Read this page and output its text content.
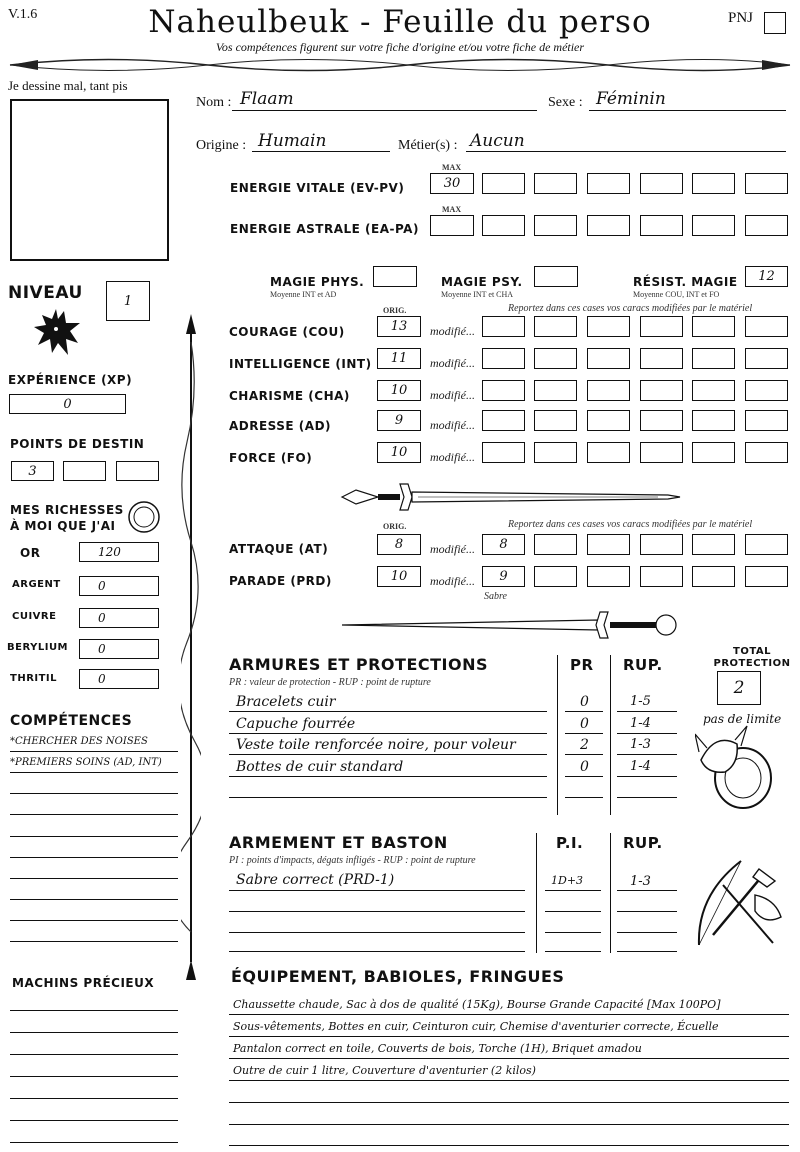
V.1.6	Naheulbeuk - Feuille du perso
Vos compétences figurent sur votre fiche d'origine et/ou votre fiche de métier
PNJ
Je dessine mal, tant pis
Nom : Flaam	Sexe : Féminin
Origine : Humain	Métier(s) : Aucun
MAX
ENERGIE VITALE (EV-PV)	30
MAX
ENERGIE ASTRALE (EA-PA)
MAGIE PHYS.
Moyenne INT et AD
MAGIE PSY.
Moyenne INT et CHA
RÉSIST. MAGIE
Moyenne COU, INT et FO
12
NIVEAU	1
EXPÉRIENCE (XP)
0
POINTS DE DESTIN
3
MES RICHESSES
À MOI QUE J'AI
OR	120
ARGENT	0
CUIVRE	0
BERYLIUM	0
THRITIL	0
COMPÉTENCES
*CHERCHER DES NOISES
*PREMIERS SOINS (AD, INT)
MACHINS PRÉCIEUX
ORIG.	Reportez dans ces cases vos caracs modifiées par le matériel
COURAGE (COU)	13	modifié...
INTELLIGENCE (INT)	11	modifié...
CHARISME (CHA)	10	modifié...
ADRESSE (AD)	9	modifié...
FORCE (FO)	10	modifié...
ORIG.	Reportez dans ces cases vos caracs modifiées par le matériel
ATTAQUE (AT)	8	modifié...	8
PARADE (PRD)	10	modifié...	9
Sabre
ARMURES ET PROTECTIONS	PR RUP.
PR : valeur de protection - RUP : point de rupture
Bracelets cuir	0	1-5
Capuche fourrée	0	1-4
Veste toile renforcée noire, pour voleur	2	1-3
Bottes de cuir standard	0	1-4
TOTAL PROTECTION
2
pas de limite
ARMEMENT ET BASTON	P.I.	RUP.
PI : points d'impacts, dégats infligés - RUP : point de rupture
Sabre correct (PRD-1)	1D+3	1-3
ÉQUIPEMENT, BABIOLES, FRINGUES
Chaussette chaude, Sac à dos de qualité (15Kg), Bourse Grande Capacité [Max 100PO]
Sous-vêtements, Bottes en cuir, Ceinturon cuir, Chemise d'aventurier correcte, Écuelle
Pantalon correct en toile, Couverts de bois, Torche (1H), Briquet amadou
Outre de cuir 1 litre, Couverture d'aventurier (2 kilos)
